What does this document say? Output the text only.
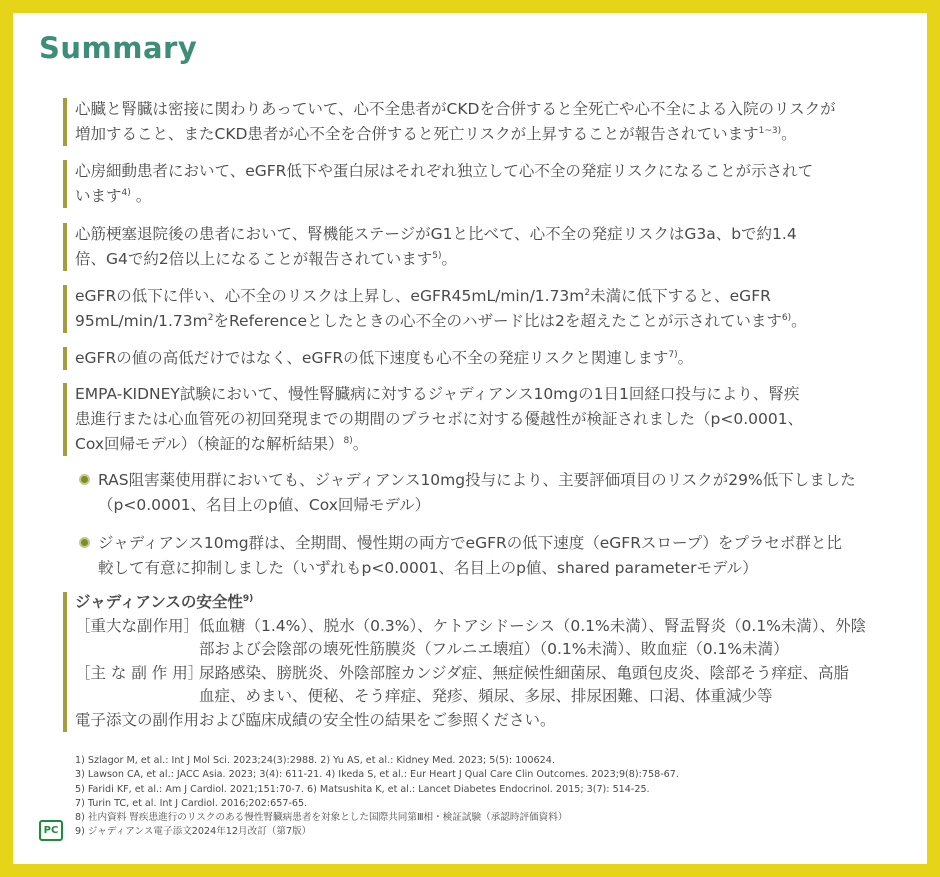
Summary
心臓と腎臓は密接に関わりあっていて、心不全患者がCKDを合併すると全死亡や心不全による入院のリスクが
増加すること、またCKD患者が心不全を合併すると死亡リスクが上昇することが報告されています$^{1\sim 3)}$。
心房細動患者において、eGFR低下や蛋白尿はそれぞれ独立して心不全の発症リスクになることが示されて
います$^{4)}$ 。
心筋梗塞退院後の患者において、腎機能ステージがG1と比べて、心不全の発症リスクはG3a、bで約1.4
倍、G4で約2倍以上になることが報告されています$^{5)}$。
eGFRの低下に伴い、心不全のリスクは上昇し、$eGFR45mL/\min/1.73m^2$未満に低下すると、eGFR
$95mL/\min/1.73m^2$をReferenceとしたときの心不全のハザード比は2を超えたことが示されています$^{6)}$。
eGFRの値の高低だけではなく、eGFRの低下速度も心不全の発症リスクと関連します$^{7)}$。
EMPA-KIDNEY試験において、慢性腎臓病に対するジャディアンス10mgの1日1回経口投与により、腎疾
患進行または心血管死の初回発現までの期間のプラセボに対する優越性が検証されました（p<0.0001、
Cox回帰モデル）（検証的な解析結果）$^{8)}$。
RAS阻害薬使用群においても、ジャディアンス10mg投与により、主要評価項目のリスクが29%低下しました
（p<0.0001、名目上のp値、Cox回帰モデル）
ジャディアンス10mg群は、全期間、慢性期の両方でeGFRの低下速度（eGFRスロープ）をプラセボ群と比
較して有意に抑制しました（いずれもp<0.0001、名目上のp値、shared parameterモデル）
ジャディアンスの安全性$^{9)}$
［重大な副作用］低血糖（1.4%）、脱水（0.3%）、ケトアシドーシス（0.1%未満）、腎盂腎炎（0.1%未満）、外陰
部および会陰部の壊死性筋膜炎（フルニエ壊疽）（0.1%未満）、敗血症（0.1%未満）
［主 な 副 作 用］尿路感染、膀胱炎、外陰部腟カンジダ症、無症候性細菌尿、亀頭包皮炎、陰部そう痒症、高脂
血症、めまい、便秘、そう痒症、発疹、頻尿、多尿、排尿困難、口渇、体重減少等
電子添文の副作用および臨床成績の安全性の結果をご参照ください。
1) Szlagor M, et al.: Int J Mol Sci. 2023;24(3):2988. 2) Yu AS, et al.: Kidney Med. 2023; 5(5): 100624.
3) Lawson CA, et al.: JACC Asia. 2023; 3(4): 611-21. 4) Ikeda S, et al.: Eur Heart J Qual Care Clin Outcomes. 2023;9(8):758-67.
5) Faridi KF, et al.: Am J Cardiol. 2021;151:70-7. 6) Matsushita K, et al.: Lancet Diabetes Endocrinol. 2015; 3(7): 514-25.
7) Turin TC, et al. Int J Cardiol. 2016;202:657-65.
8) 社内資料 腎疾患進行のリスクのある慢性腎臓病患者を対象とした国際共同第Ⅲ相・検証試験（承認時評価資料）
9) ジャディアンス電子添文2024年12月改訂（第7版）
PC
